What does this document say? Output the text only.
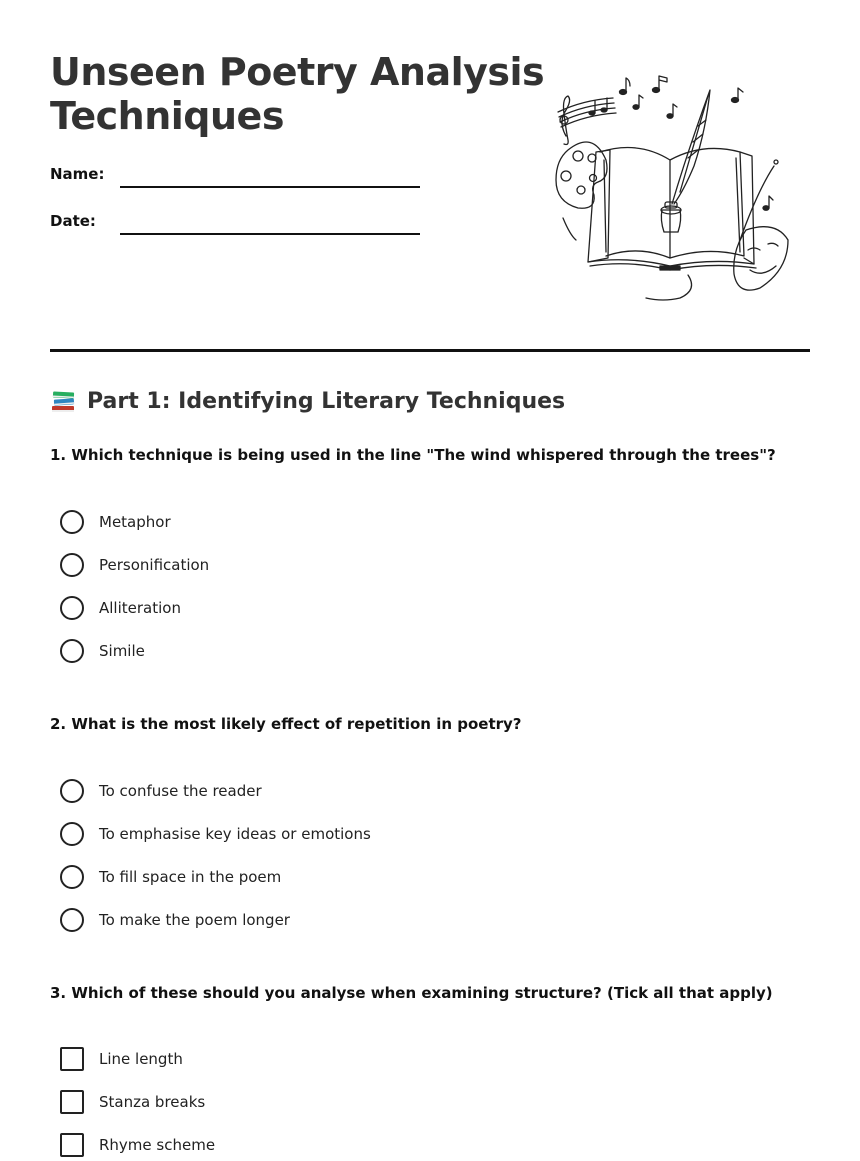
Unseen Poetry Analysis
Techniques
Name:
Date:
Part 1: Identifying Literary Techniques
1. Which technique is being used in the line "The wind whispered through the trees"?
Metaphor
Personification
Alliteration
Simile
2. What is the most likely effect of repetition in poetry?
To confuse the reader
To emphasise key ideas or emotions
To fill space in the poem
To make the poem longer
3. Which of these should you analyse when examining structure? (Tick all that apply)
Line length
Stanza breaks
Rhyme scheme
